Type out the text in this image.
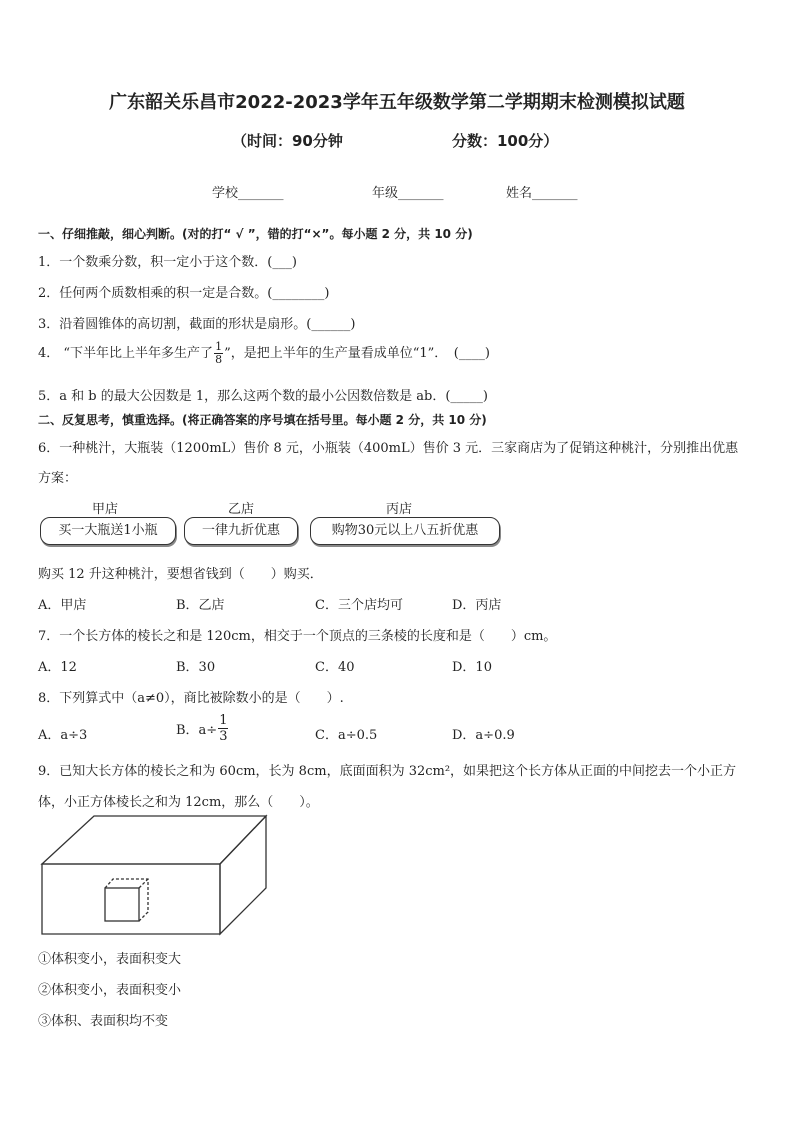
广东韶关乐昌市2022-2023学年五年级数学第二学期期末检测模拟试题
（时间：90分钟	分数：100分）
学校_______	年级_______	姓名_______
一、仔细推敲，细心判断。(对的打“ √ ”，错的打“×”。每小题 2 分，共 10 分)
1．一个数乘分数，积一定小于这个数．(___)
2．任何两个质数相乘的积一定是合数。(________)
3．沿着圆锥体的高切割，截面的形状是扇形。(______)
4． “下半年比上半年多生产了 $\frac{1}{8}$ ”，是把上半年的生产量看成单位“1”．　(____)
5．a 和 b 的最大公因数是 1，那么这两个数的最小公因数倍数是 ab．(_____)
二、反复思考，慎重选择。(将正确答案的序号填在括号里。每小题 2 分，共 10 分)
6．一种桃汁，大瓶装（1200mL）售价 8 元，小瓶装（400mL）售价 3 元．三家商店为了促销这种桃汁，分别推出优惠
方案：
甲店	乙店	丙店
买一大瓶送1小瓶	一律九折优惠	购物30元以上八五折优惠
购买 12 升这种桃汁，要想省钱到（　　）购买．
A．甲店	B．乙店	C．三个店均可	D．丙店
7．一个长方体的棱长之和是 120cm，相交于一个顶点的三条棱的长度和是（　　）cm。
A．12	B．30	C．40	D．10
8．下列算式中（a≠0），商比被除数小的是（　　）.
A．a÷3	B．$a\div \frac{1}{3}$	C．a÷0.5	D．a÷0.9
9．已知大长方体的棱长之和为 60cm，长为 8cm，底面面积为 32cm²，如果把这个长方体从正面的中间挖去一个小正方
体，小正方体棱长之和为 12cm，那么（　　）。
①体积变小，表面积变大
②体积变小，表面积变小
③体积、表面积均不变
